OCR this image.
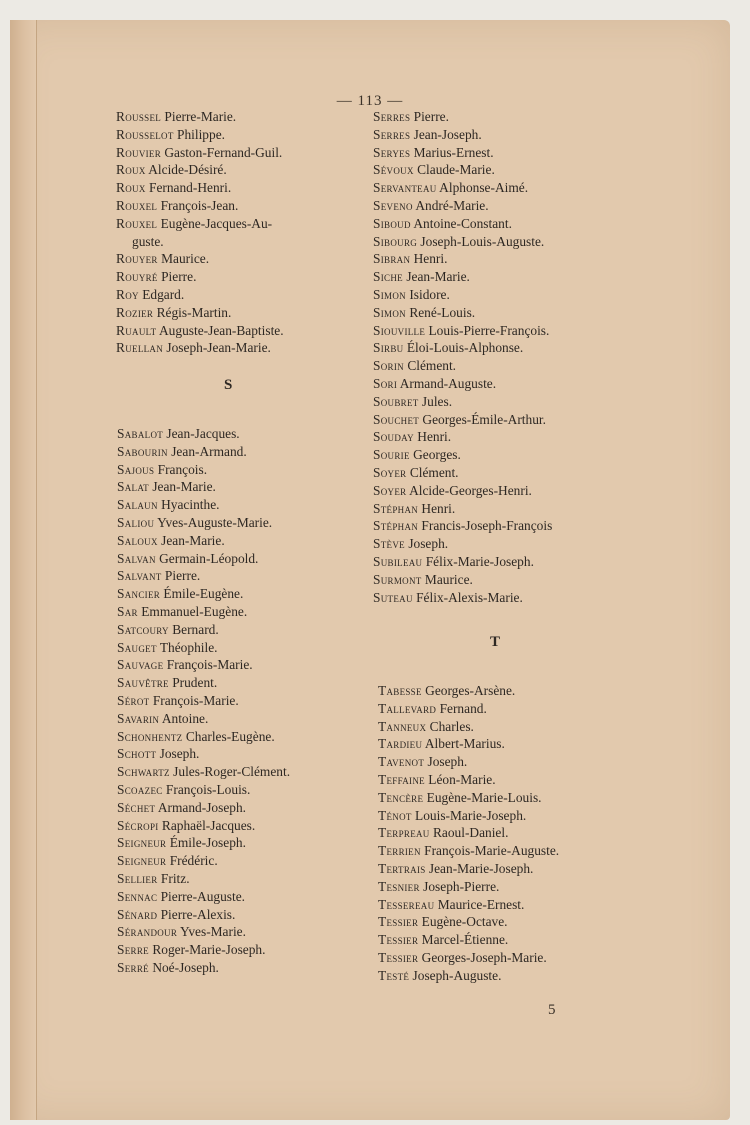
— 113 —
Roussel Pierre-Marie.
Rousselot Philippe.
Rouvier Gaston-Fernand-Guil.
Roux Alcide-Désiré.
Roux Fernand-Henri.
Rouxel François-Jean.
Rouxel Eugène-Jacques-Au-
guste.
Rouyer Maurice.
Rouyré Pierre.
Roy Edgard.
Rozier Régis-Martin.
Ruault Auguste-Jean-Baptiste.
Ruellan Joseph-Jean-Marie.
S
Sabalot Jean-Jacques.
Sabourin Jean-Armand.
Sajous François.
Salat Jean-Marie.
Salaun Hyacinthe.
Saliou Yves-Auguste-Marie.
Saloux Jean-Marie.
Salvan Germain-Léopold.
Salvant Pierre.
Sancier Émile-Eugène.
Sar Emmanuel-Eugène.
Satcoury Bernard.
Sauget Théophile.
Sauvage François-Marie.
Sauvêtre Prudent.
Sérot François-Marie.
Savarin Antoine.
Schonhentz Charles-Eugène.
Schott Joseph.
Schwartz Jules-Roger-Clément.
Scoazec François-Louis.
Séchet Armand-Joseph.
Sécropi Raphaël-Jacques.
Seigneur Émile-Joseph.
Seigneur Frédéric.
Sellier Fritz.
Sennac Pierre-Auguste.
Sénard Pierre-Alexis.
Sérandour Yves-Marie.
Serre Roger-Marie-Joseph.
Serré Noé-Joseph.
Serres Pierre.
Serres Jean-Joseph.
Seryes Marius-Ernest.
Sévoux Claude-Marie.
Servanteau Alphonse-Aimé.
Seveno André-Marie.
Siboud Antoine-Constant.
Sibourg Joseph-Louis-Auguste.
Sibran Henri.
Siche Jean-Marie.
Simon Isidore.
Simon René-Louis.
Siouville Louis-Pierre-François.
Sirbu Éloi-Louis-Alphonse.
Sorin Clément.
Sori Armand-Auguste.
Soubret Jules.
Souchet Georges-Émile-Arthur.
Souday Henri.
Sourie Georges.
Soyer Clément.
Soyer Alcide-Georges-Henri.
Stéphan Henri.
Stéphan Francis-Joseph-François
Stève Joseph.
Subileau Félix-Marie-Joseph.
Surmont Maurice.
Suteau Félix-Alexis-Marie.
T
Tabesse Georges-Arsène.
Tallevard Fernand.
Tanneux Charles.
Tardieu Albert-Marius.
Tavenot Joseph.
Teffaine Léon-Marie.
Tencère Eugène-Marie-Louis.
Ténot Louis-Marie-Joseph.
Terpreau Raoul-Daniel.
Terrien François-Marie-Auguste.
Tertrais Jean-Marie-Joseph.
Tesnier Joseph-Pierre.
Tessereau Maurice-Ernest.
Tessier Eugène-Octave.
Tessier Marcel-Étienne.
Tessier Georges-Joseph-Marie.
Testé Joseph-Auguste.
5
